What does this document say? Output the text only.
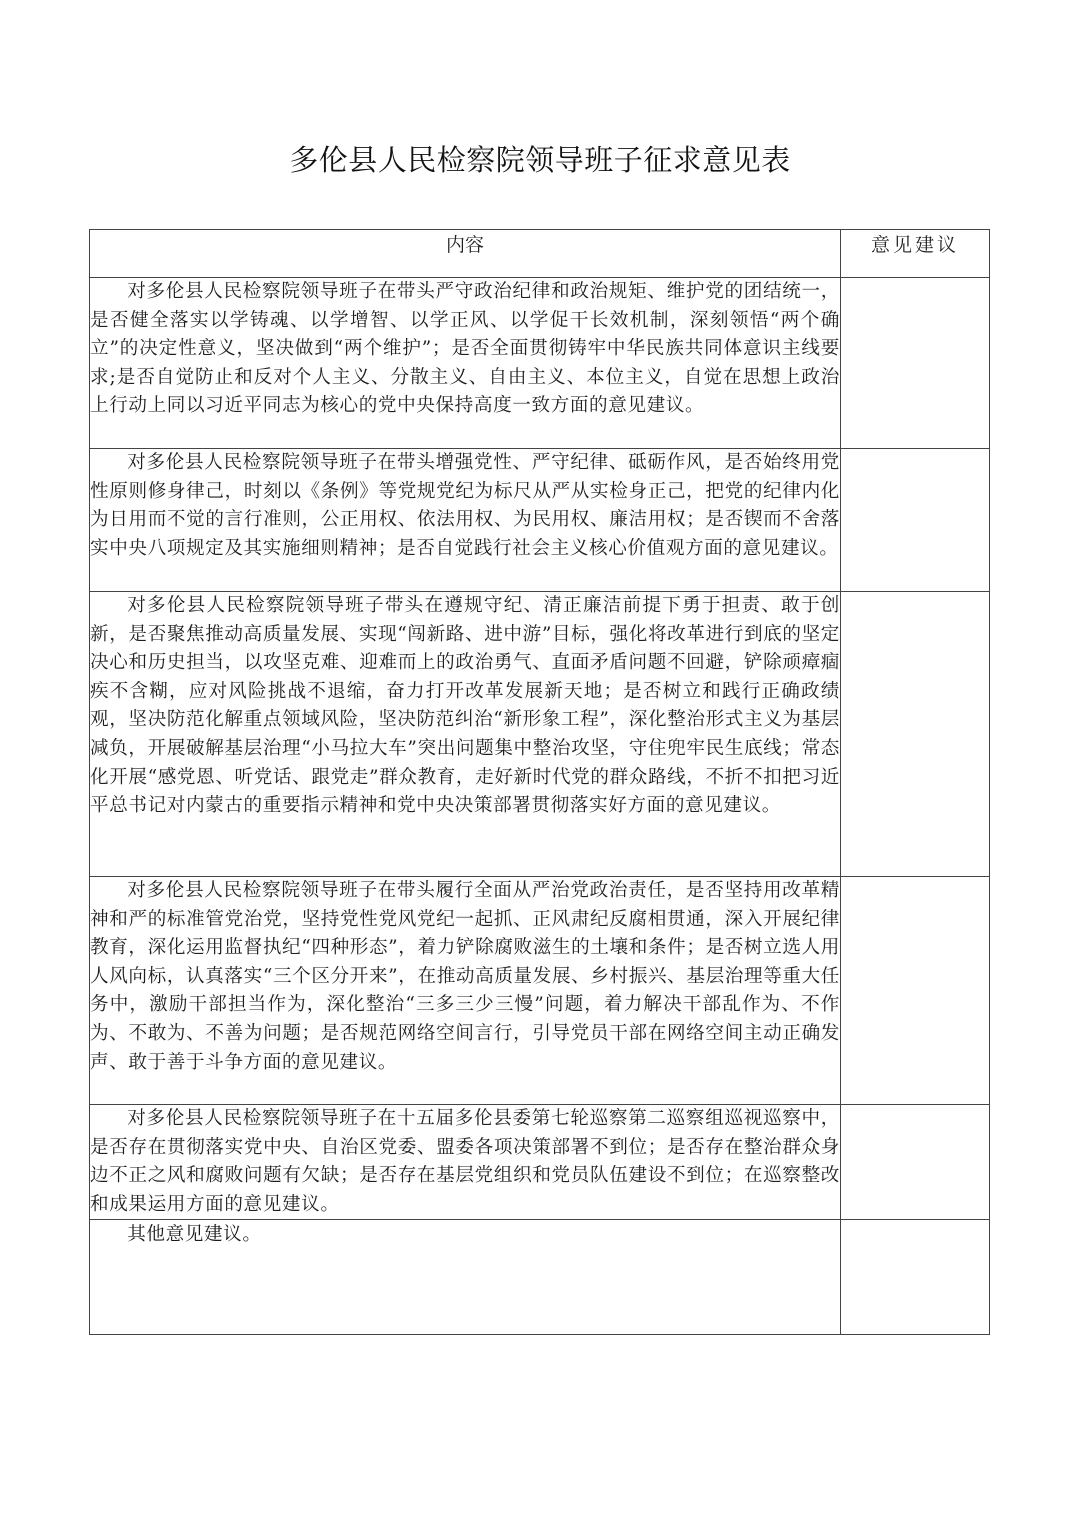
多伦县人民检察院领导班子征求意见表
内容	意见建议

对多伦县人民检察院领导班子在带头严守政治纪律和政治规矩、维护党的团结统一，是否健全落实以学铸魂、以学增智、以学正风、以学促干长效机制，深刻领悟“两个确立”的决定性意义，坚决做到“两个维护”；是否全面贯彻铸牢中华民族共同体意识主线要求;是否自觉防止和反对个人主义、分散主义、自由主义、本位主义，自觉在思想上政治上行动上同以习近平同志为核心的党中央保持高度一致方面的意见建议。	

对多伦县人民检察院领导班子在带头增强党性、严守纪律、砥砺作风，是否始终用党性原则修身律己，时刻以《条例》等党规党纪为标尺从严从实检身正己，把党的纪律内化为日用而不觉的言行准则，公正用权、依法用权、为民用权、廉洁用权；是否锲而不舍落实中央八项规定及其实施细则精神；是否自觉践行社会主义核心价值观方面的意见建议。	

对多伦县人民检察院领导班子带头在遵规守纪、清正廉洁前提下勇于担责、敢于创新，是否聚焦推动高质量发展、实现“闯新路、进中游”目标，强化将改革进行到底的坚定决心和历史担当，以攻坚克难、迎难而上的政治勇气、直面矛盾问题不回避，铲除顽瘴痼疾不含糊，应对风险挑战不退缩，奋力打开改革发展新天地；是否树立和践行正确政绩观，坚决防范化解重点领域风险，坚决防范纠治“新形象工程”，深化整治形式主义为基层减负，开展破解基层治理“小马拉大车”突出问题集中整治攻坚，守住兜牢民生底线；常态化开展“感党恩、听党话、跟党走”群众教育，走好新时代党的群众路线，不折不扣把习近平总书记对内蒙古的重要指示精神和党中央决策部署贯彻落实好方面的意见建议。	

对多伦县人民检察院领导班子在带头履行全面从严治党政治责任，是否坚持用改革精神和严的标准管党治党，坚持党性党风党纪一起抓、正风肃纪反腐相贯通，深入开展纪律教育，深化运用监督执纪“四种形态”，着力铲除腐败滋生的土壤和条件；是否树立选人用人风向标，认真落实“三个区分开来”，在推动高质量发展、乡村振兴、基层治理等重大任务中，激励干部担当作为，深化整治“三多三少三慢”问题，着力解决干部乱作为、不作为、不敢为、不善为问题；是否规范网络空间言行，引导党员干部在网络空间主动正确发声、敢于善于斗争方面的意见建议。	

对多伦县人民检察院领导班子在十五届多伦县委第七轮巡察第二巡察组巡视巡察中，是否存在贯彻落实党中央、自治区党委、盟委各项决策部署不到位；是否存在整治群众身边不正之风和腐败问题有欠缺；是否存在基层党组织和党员队伍建设不到位；在巡察整改和成果运用方面的意见建议。	

其他意见建议。	
